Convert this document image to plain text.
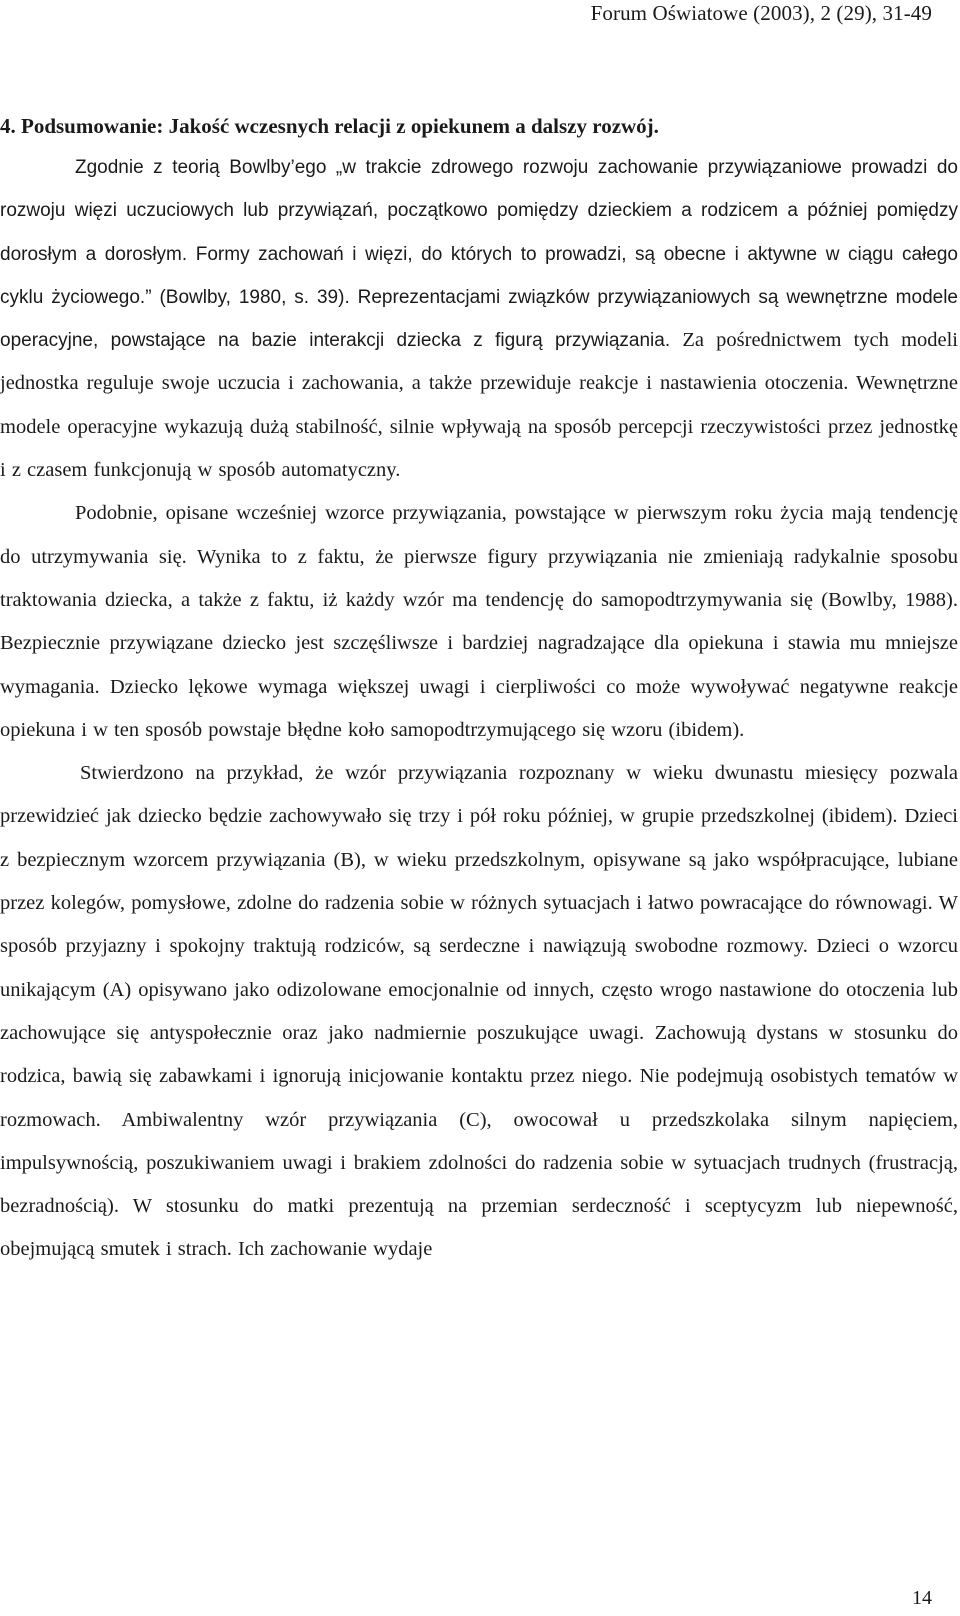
Forum Oświatowe (2003), 2 (29), 31-49
4. Podsumowanie: Jakość wczesnych relacji z opiekunem a dalszy rozwój.

Zgodnie z teorią Bowlby’ego „w trakcie zdrowego rozwoju zachowanie przywiązaniowe prowadzi do rozwoju więzi uczuciowych lub przywiązań, początkowo pomiędzy dzieckiem a rodzicem a później pomiędzy dorosłym a dorosłym. Formy zachowań i więzi, do których to prowadzi, są obecne i aktywne w ciągu całego cyklu życiowego.” (Bowlby, 1980, s. 39). Reprezentacjami związków przywiązaniowych są wewnętrzne modele operacyjne, powstające na bazie interakcji dziecka z figurą przywiązania. Za pośrednictwem tych modeli jednostka reguluje swoje uczucia i zachowania, a także przewiduje reakcje i nastawienia otoczenia. Wewnętrzne modele operacyjne wykazują dużą stabilność, silnie wpływają na sposób percepcji rzeczywistości przez jednostkę i z czasem funkcjonują w sposób automatyczny.

Podobnie, opisane wcześniej wzorce przywiązania, powstające w pierwszym roku życia mają tendencję do utrzymywania się. Wynika to z faktu, że pierwsze figury przywiązania nie zmieniają radykalnie sposobu traktowania dziecka, a także z faktu, iż każdy wzór ma tendencję do samopodtrzymywania się (Bowlby, 1988). Bezpiecznie przywiązane dziecko jest szczęśliwsze i bardziej nagradzające dla opiekuna i stawia mu mniejsze wymagania. Dziecko lękowe wymaga większej uwagi i cierpliwości co może wywoływać negatywne reakcje opiekuna i w ten sposób powstaje błędne koło samopodtrzymującego się wzoru (ibidem).

Stwierdzono na przykład, że wzór przywiązania rozpoznany w wieku dwunastu miesięcy pozwala przewidzieć jak dziecko będzie zachowywało się trzy i pół roku później, w grupie przedszkolnej (ibidem). Dzieci z bezpiecznym wzorcem przywiązania (B), w wieku przedszkolnym, opisywane są jako współpracujące, lubiane przez kolegów, pomysłowe, zdolne do radzenia sobie w różnych sytuacjach i łatwo powracające do równowagi. W sposób przyjazny i spokojny traktują rodziców, są serdeczne i nawiązują swobodne rozmowy. Dzieci o wzorcu unikającym (A) opisywano jako odizolowane emocjonalnie od innych, często wrogo nastawione do otoczenia lub zachowujące się antyspołecznie oraz jako nadmiernie poszukujące uwagi. Zachowują dystans w stosunku do rodzica, bawią się zabawkami i ignorują inicjowanie kontaktu przez niego. Nie podejmują osobistych tematów w rozmowach. Ambiwalentny wzór przywiązania (C), owocował u przedszkolaka silnym napięciem, impulsywnością, poszukiwaniem uwagi i brakiem zdolności do radzenia sobie w sytuacjach trudnych (frustracją, bezradnością). W stosunku do matki prezentują na przemian serdeczność i sceptycyzm lub niepewność, obejmującą smutek i strach. Ich zachowanie wydaje

14
